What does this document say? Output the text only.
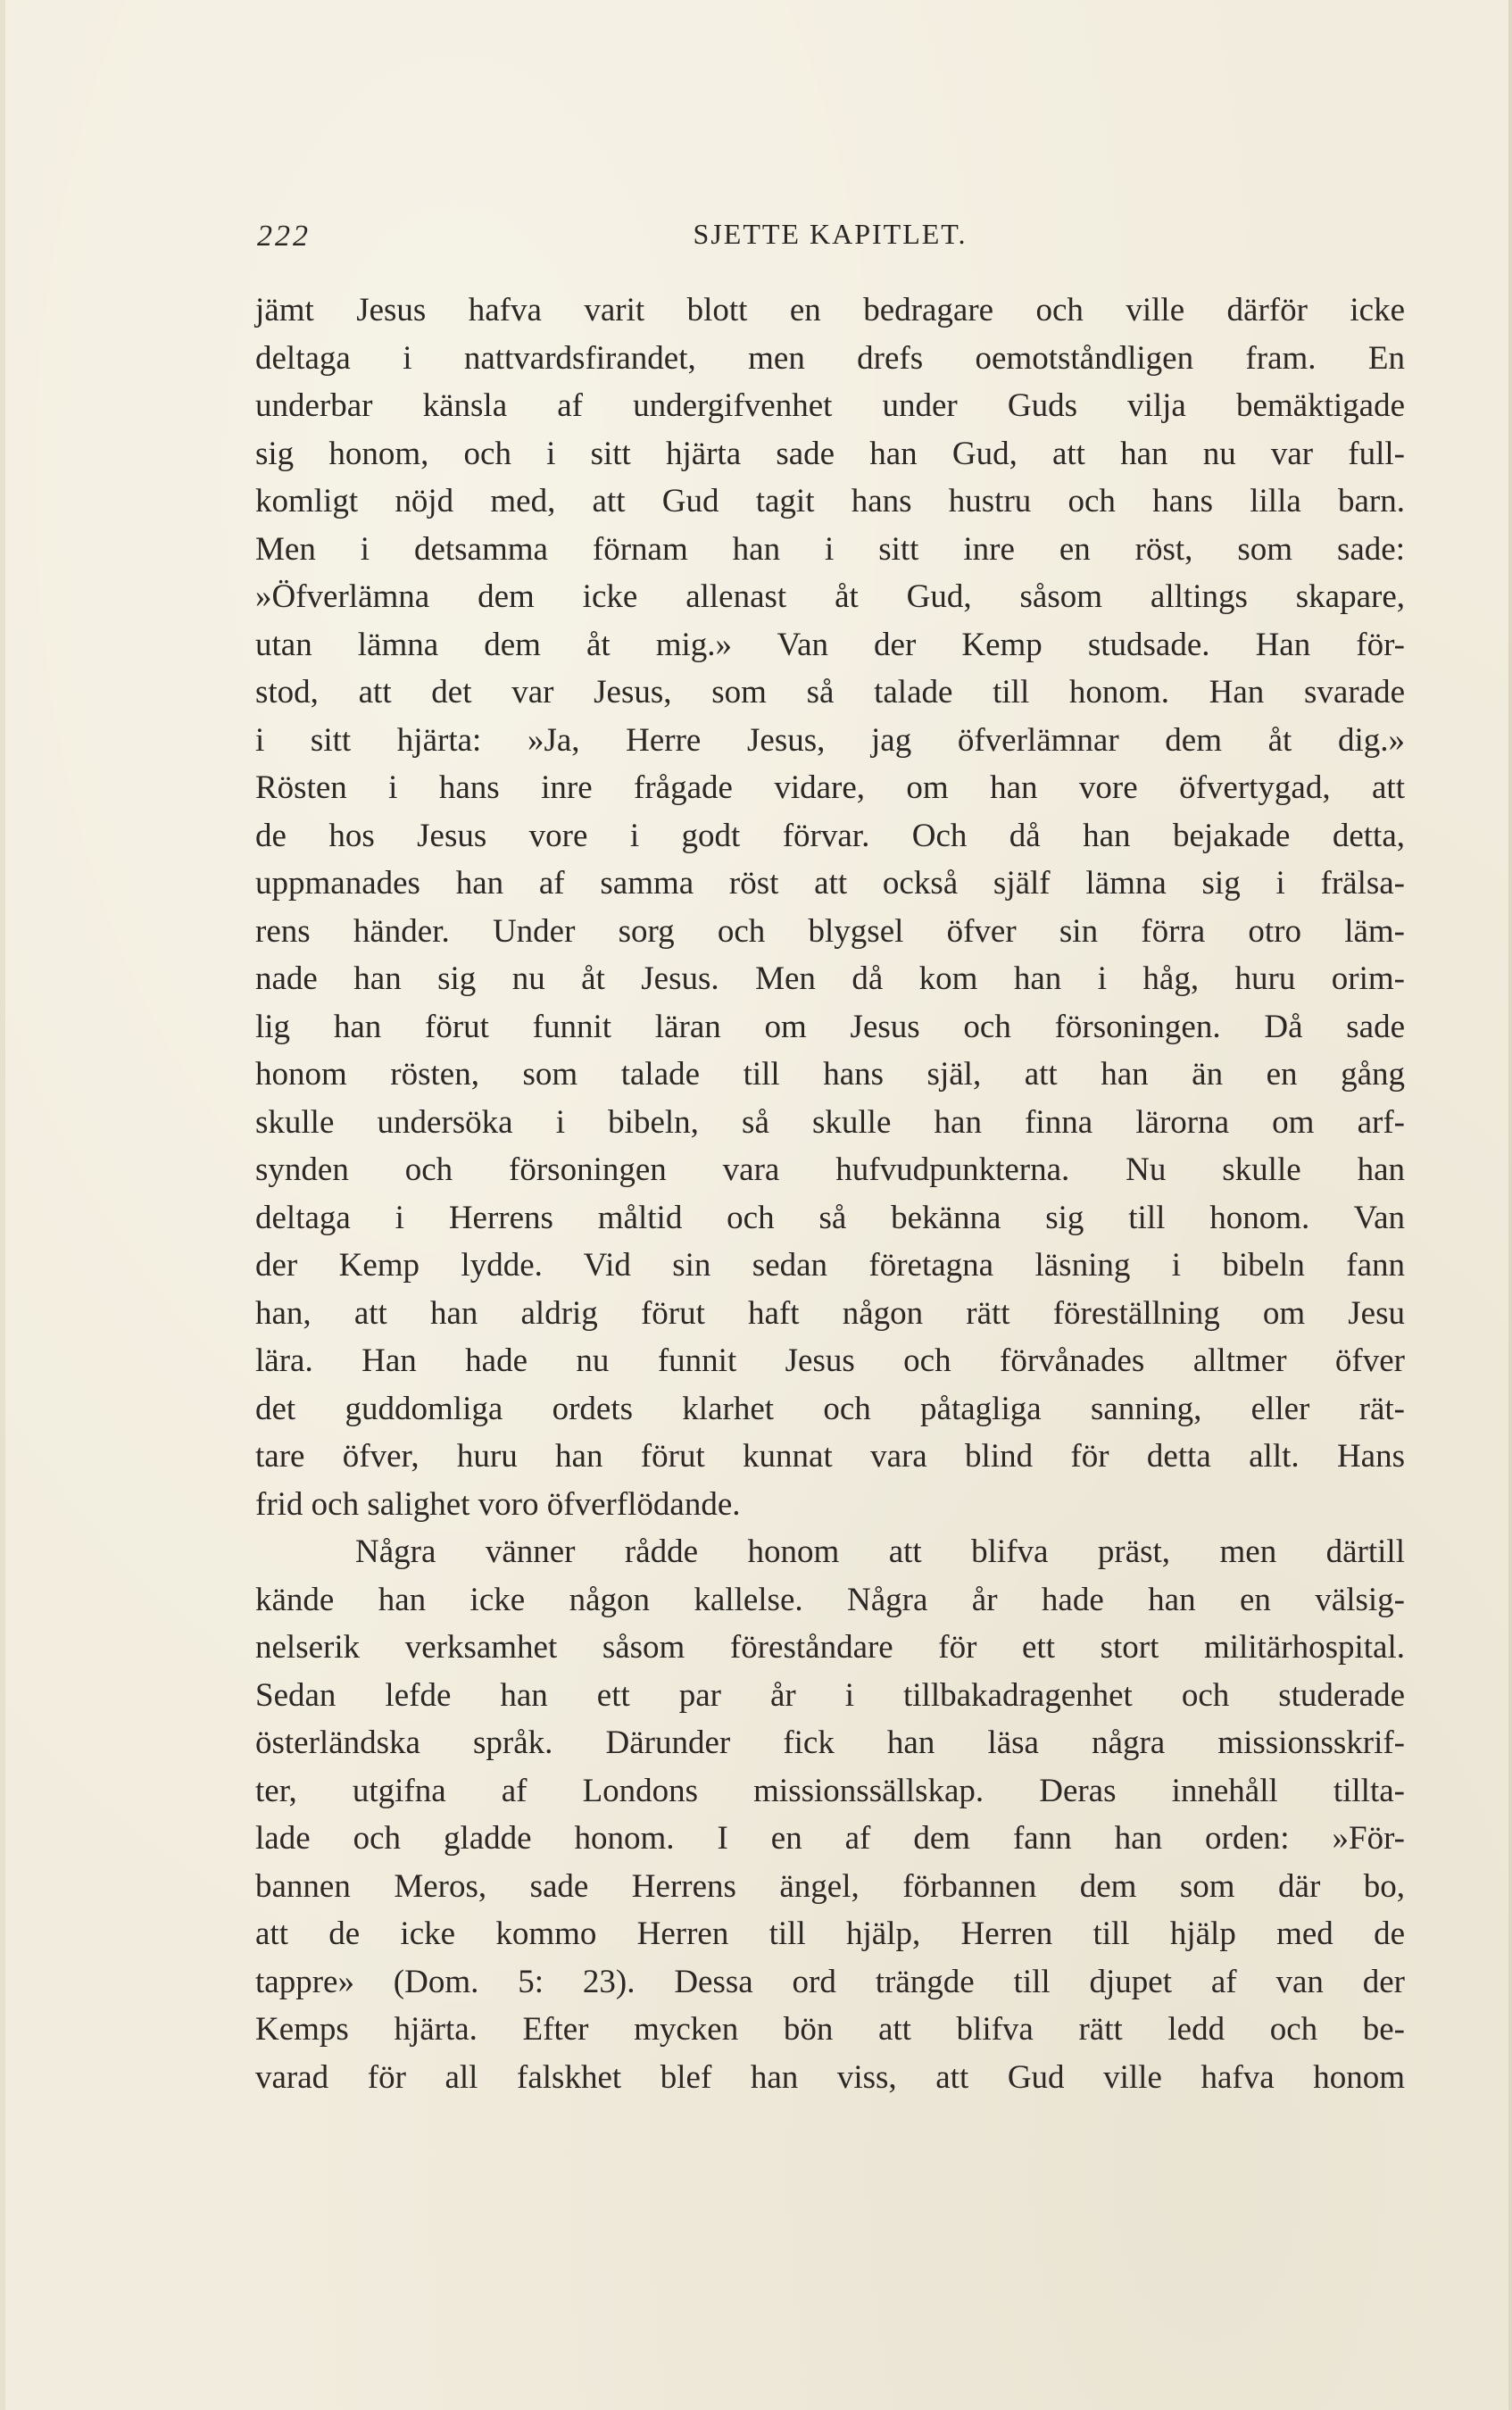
222	SJETTE KAPITLET.
jämt Jesus hafva varit blott en bedragare och ville därför icke
deltaga i nattvardsfirandet, men drefs oemotståndligen fram. En
underbar känsla af undergifvenhet under Guds vilja bemäktigade
sig honom, och i sitt hjärta sade han Gud, att han nu var full-
komligt nöjd med, att Gud tagit hans hustru och hans lilla barn.
Men i detsamma förnam han i sitt inre en röst, som sade:
»Öfverlämna dem icke allenast åt Gud, såsom alltings skapare,
utan lämna dem åt mig.» Van der Kemp studsade. Han för-
stod, att det var Jesus, som så talade till honom. Han svarade
i sitt hjärta: »Ja, Herre Jesus, jag öfverlämnar dem åt dig.»
Rösten i hans inre frågade vidare, om han vore öfvertygad, att
de hos Jesus vore i godt förvar. Och då han bejakade detta,
uppmanades han af samma röst att också själf lämna sig i frälsa-
rens händer. Under sorg och blygsel öfver sin förra otro läm-
nade han sig nu åt Jesus. Men då kom han i håg, huru orim-
lig han förut funnit läran om Jesus och försoningen. Då sade
honom rösten, som talade till hans själ, att han än en gång
skulle undersöka i bibeln, så skulle han finna lärorna om arf-
synden och försoningen vara hufvudpunkterna. Nu skulle han
deltaga i Herrens måltid och så bekänna sig till honom. Van
der Kemp lydde. Vid sin sedan företagna läsning i bibeln fann
han, att han aldrig förut haft någon rätt föreställning om Jesu
lära. Han hade nu funnit Jesus och förvånades alltmer öfver
det guddomliga ordets klarhet och påtagliga sanning, eller rät-
tare öfver, huru han förut kunnat vara blind för detta allt. Hans
frid och salighet voro öfverflödande.
Några vänner rådde honom att blifva präst, men därtill
kände han icke någon kallelse. Några år hade han en välsig-
nelserik verksamhet såsom föreståndare för ett stort militärhospital.
Sedan lefde han ett par år i tillbakadragenhet och studerade
österländska språk. Därunder fick han läsa några missionsskrif-
ter, utgifna af Londons missionssällskap. Deras innehåll tillta-
lade och gladde honom. I en af dem fann han orden: »För-
bannen Meros, sade Herrens ängel, förbannen dem som där bo,
att de icke kommo Herren till hjälp, Herren till hjälp med de
tappre» (Dom. 5: 23). Dessa ord trängde till djupet af van der
Kemps hjärta. Efter mycken bön att blifva rätt ledd och be-
varad för all falskhet blef han viss, att Gud ville hafva honom
